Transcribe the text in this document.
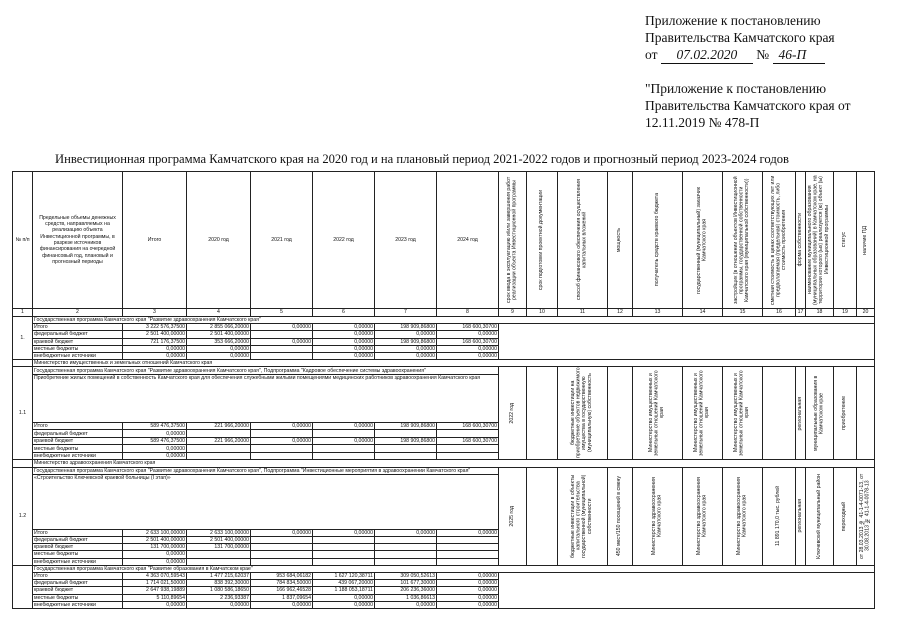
Приложение к постановлению
Правительства Камчатского края
от 07.02.2020 № 46-П
"Приложение к постановлению
Правительства Камчатского края от
12.11.2019 № 478-П
Инвестиционная программа Камчатского края на 2020 год и на плановый период 2021-2022 годов и прогнозный период 2023-2024 годов
№ п/п	Предельные объемы денежных средств, направляемых на реализацию объекта Инвестиционной программы, в разрезе источников финансирования на очередной финансовый год, плановый и прогнозный периоды	Итого	2020 год	2021 год	2022 год	2023 год	2024 год	срок ввода в эксплуатацию и/или завершения работ реализации объекта Инвестиционной программы	срок подготовки проектной документации	способ финансового обеспечения осуществления капитальных вложений	мощность	получатель средств краевого бюджета	государственный (муниципальный) заказчик Камчатского края	застройщик (в отношении объектов Инвестиционной программы, государственной собственности Камчатского края (муниципальной собственности))	сметная стоимость в ценах соответствующих лет или предполагаемая (предельная) стоимость, либо стоимость приобретения	форма собственности	наименование муниципального образования (муниципальных образований) в Камчатском крае, на территории которого (ых) реализуется (ю) объект (ы) Инвестиционной программы	статус	наличие ПД

1	2	3	4	5	6	7	8	9	10	11	12	13	14	15	16	17	18	19	20
1.	Государственная программа Камчатского края "Развитие здравоохранения Камчатского края"																		
	Итого	3 222 576,37500	2 855 066,20000	0,00000	0,00000	198 909,86800	168 600,30700												
	федеральный бюджет	2 501 400,00000	2 501 400,00000		0,00000	0,00000	0,00000												
	краевой бюджет	721 176,37500	353 666,20000	0,00000	0,00000	198 909,86800	168 600,30700												
	местные бюджеты	0,00000	0,00000		0,00000	0,00000	0,00000												
	внебюджетные источники	0,00000	0,00000		0,00000	0,00000	0,00000												
	Министерство имущественных и земельных отношений Камчатского края																		
1.1	Государственная программа Камчатского края "Развитие здравоохранения Камчатского края", Подпрограмма "Кадровое обеспечение системы здравоохранения"							2022 год		бюджетные инвестиции на приобретение объектов недвижимого имущества в государственную (муниципальную) собственность		Министерство имущественных и земельных отношений Камчатского края	Министерство имущественных и земельных отношений Камчатского края	Министерство имущественных и земельных отношений Камчатского края		региональная	муниципальные образования в Камчатском крае	приобретение	

	Приобретение жилых помещений в собственность Камчатского края для обеспечения служебными жилыми помещениями медицинских работников здравоохранения Камчатского края																		
	Итого	589 476,37500	221 966,20000	0,00000	0,00000	198 909,86800	168 600,30700												
	федеральный бюджет	0,00000																	
	краевой бюджет	589 476,37500	221 966,20000	0,00000	0,00000	198 909,86800	168 600,30700												
	местные бюджеты	0,00000																	
	внебюджетные источники	0,00000																	
	Министерство здравоохранения Камчатского края																		
1.2	Государственная программа Камчатского края "Развитие здравоохранения Камчатского края", Подпрограмма "Инвестиционные мероприятия в здравоохранении Камчатского края"							2025 год		бюджетные инвестиции в объекты капитального строительства государственной (муниципальной) собственности	450 мест/150 посещений в смену	Министерство здравоохранения Камчатского края	Министерство здравоохранения Камчатского края	Министерство здравоохранения Камчатского края	11 891 170,0 тыс. рублей	региональная	Ключевский муниципальный район	переходный	от 28.03.2013 № 41-1-4-0071-13, от 30.08.2013 № 41-1-4-0078-13

	«Строительство Ключевской краевой больницы (I этап)»																		
	Итого	2 633 100,00000	2 633 100,00000	0,00000	0,00000	0,00000	0,00000												
	федеральный бюджет	2 501 400,00000	2 501 400,00000																
	краевой бюджет	131 700,00000	131 700,00000																
	местные бюджеты	0,00000																	
	внебюджетные источники	0,00000																	
	Государственная программа Камчатского края "Развитие образования в Камчатском крае"																		
	Итого	4 363 070,59543	1 477 215,62037	953 684,06182	1 627 120,38711	309 050,52613	0,00000												
	федеральный бюджет	1 714 021,50000	838 392,30000	784 834,50000	439 067,20000	101 677,30000	0,00000												
	краевой бюджет	2 647 938,19889	1 080 586,18650	166 962,46528	1 188 053,18711	206 236,36000	0,00000												
	местные бюджеты	5 110,89654	2 236,93387	1 837,09654	0,00000	1 036,86613	0,00000												
	внебюджетные источники	0,00000	0,00000	0,00000	0,00000	0,00000	0,00000												
